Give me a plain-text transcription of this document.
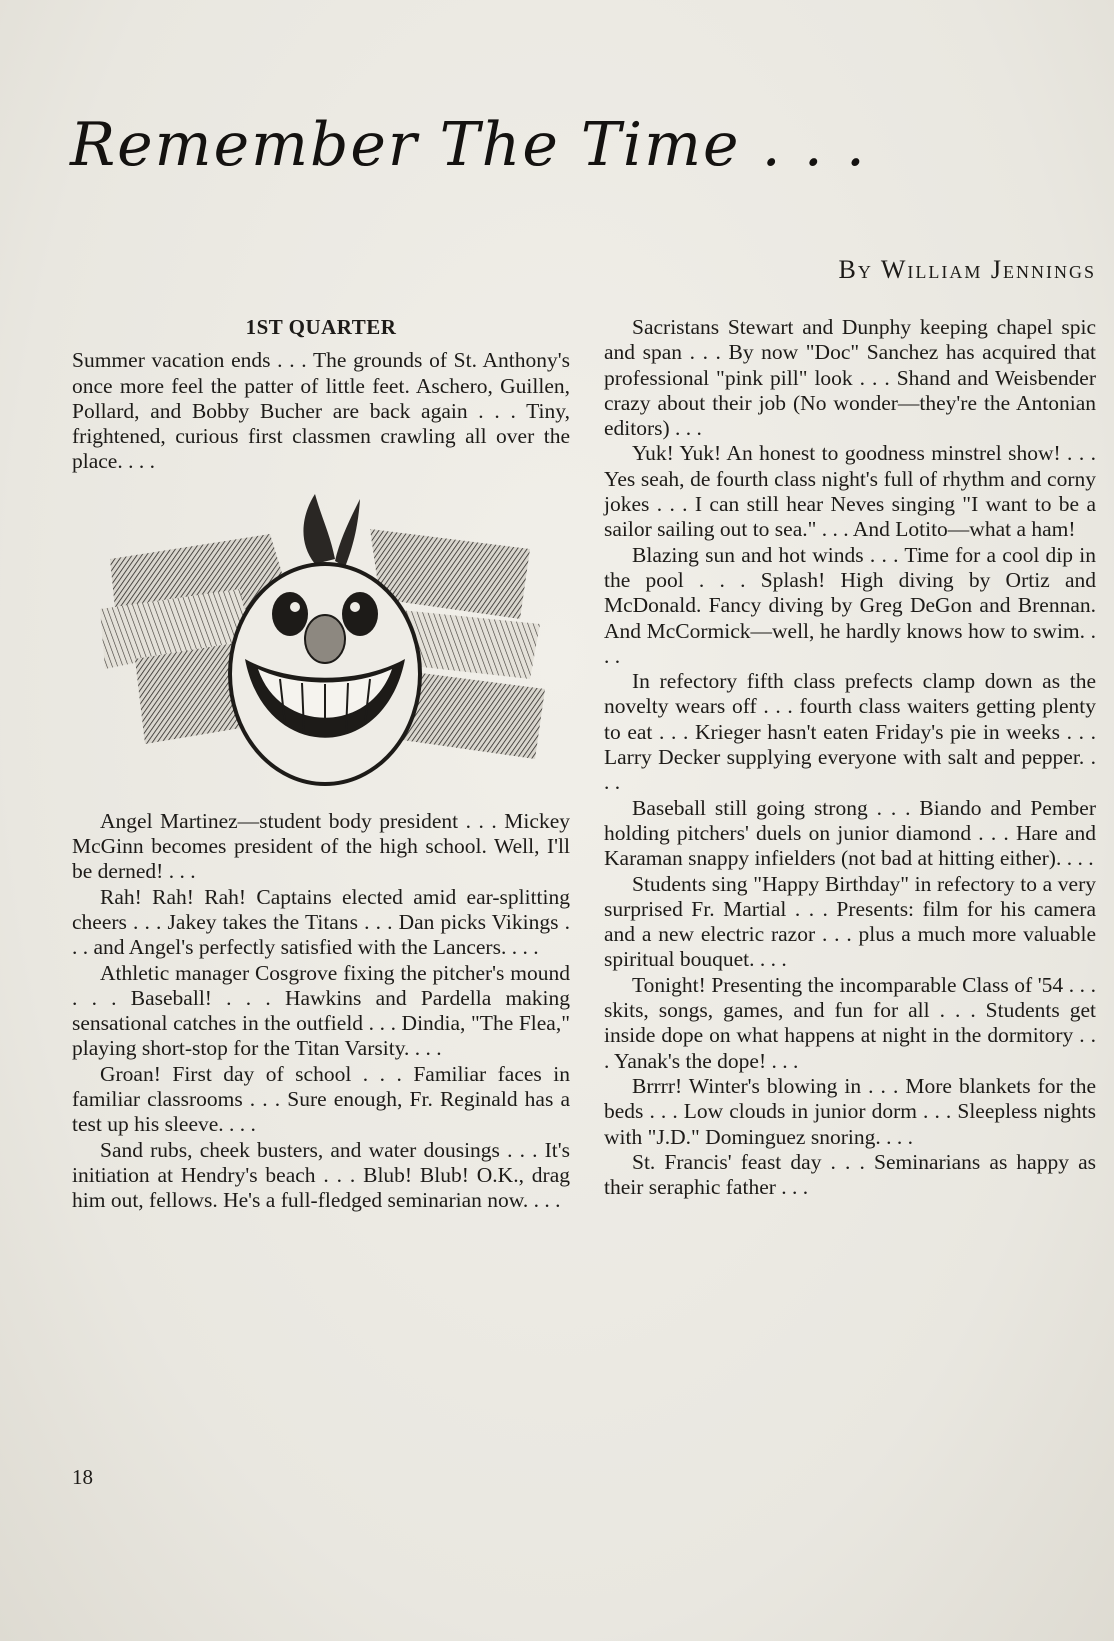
Remember The Time . . .
By William Jennings

1ST QUARTER

Summer vacation ends . . . The grounds of St. Anthony's once more feel the patter of little feet. Aschero, Guillen, Pollard, and Bobby Bucher are back again . . . Tiny, frightened, curious first classmen crawling all over the place. . . .

Angel Martinez—student body president . . . Mickey McGinn becomes president of the high school. Well, I'll be derned! . . .

Rah! Rah! Rah! Captains elected amid ear-splitting cheers . . . Jakey takes the Titans . . . Dan picks Vikings . . . and Angel's perfectly satisfied with the Lancers. . . .

Athletic manager Cosgrove fixing the pitcher's mound . . . Baseball! . . . Hawkins and Pardella making sensational catches in the outfield . . . Dindia, "The Flea," playing short-stop for the Titan Varsity. . . .

Groan! First day of school . . . Familiar faces in familiar classrooms . . . Sure enough, Fr. Reginald has a test up his sleeve. . . .

Sand rubs, cheek busters, and water dousings . . . It's initiation at Hendry's beach . . . Blub! Blub! O.K., drag him out, fellows. He's a full-fledged seminarian now. . . .

Sacristans Stewart and Dunphy keeping chapel spic and span . . . By now "Doc" Sanchez has acquired that professional "pink pill" look . . . Shand and Weisbender crazy about their job (No wonder—they're the Antonian editors) . . .

Yuk! Yuk! An honest to goodness minstrel show! . . . Yes seah, de fourth class night's full of rhythm and corny jokes . . . I can still hear Neves singing "I want to be a sailor sailing out to sea." . . . And Lotito—what a ham!

Blazing sun and hot winds . . . Time for a cool dip in the pool . . . Splash! High diving by Ortiz and McDonald. Fancy diving by Greg DeGon and Brennan. And McCormick—well, he hardly knows how to swim. . . .

In refectory fifth class prefects clamp down as the novelty wears off . . . fourth class waiters getting plenty to eat . . . Krieger hasn't eaten Friday's pie in weeks . . . Larry Decker supplying everyone with salt and pepper. . . .

Baseball still going strong . . . Biando and Pember holding pitchers' duels on junior diamond . . . Hare and Karaman snappy infielders (not bad at hitting either). . . .

Students sing "Happy Birthday" in refectory to a very surprised Fr. Martial . . . Presents: film for his camera and a new electric razor . . . plus a much more valuable spiritual bouquet. . . .

Tonight! Presenting the incomparable Class of '54 . . . skits, songs, games, and fun for all . . . Students get inside dope on what happens at night in the dormitory . . . Yanak's the dope! . . .

Brrrr! Winter's blowing in . . . More blankets for the beds . . . Low clouds in junior dorm . . . Sleepless nights with "J.D." Dominguez snoring. . . .

St. Francis' feast day . . . Seminarians as happy as their seraphic father . . .

18
